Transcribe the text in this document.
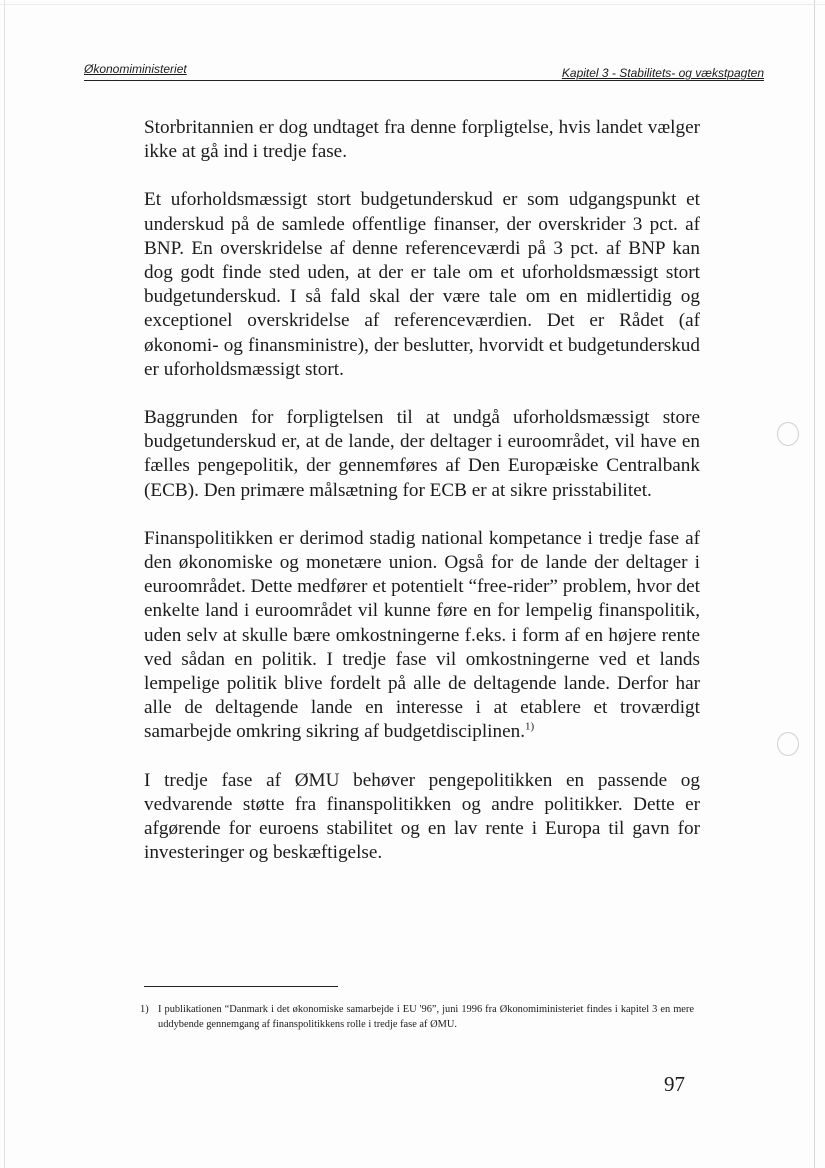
Økonomiministeriet	Kapitel 3 - Stabilitets- og vækstpagten

Storbritannien er dog undtaget fra denne forpligtelse, hvis landet vælger ikke at gå ind i tredje fase.

Et uforholdsmæssigt stort budgetunderskud er som udgangspunkt et underskud på de samlede offentlige finanser, der overskrider 3 pct. af BNP. En overskridelse af denne referenceværdi på 3 pct. af BNP kan dog godt finde sted uden, at der er tale om et uforholdsmæssigt stort budgetunderskud. I så fald skal der være tale om en midlertidig og exceptionel overskridelse af referenceværdien. Det er Rådet (af økonomi- og finansministre), der beslutter, hvorvidt et budgetunderskud er uforholdsmæssigt stort.

Baggrunden for forpligtelsen til at undgå uforholdsmæssigt store budgetunderskud er, at de lande, der deltager i euroområdet, vil have en fælles pengepolitik, der gennemføres af Den Europæiske Centralbank (ECB). Den primære målsætning for ECB er at sikre prisstabilitet.

Finanspolitikken er derimod stadig national kompetance i tredje fase af den økonomiske og monetære union. Også for de lande der deltager i euroområdet. Dette medfører et potentielt “free-rider” problem, hvor det enkelte land i euroområdet vil kunne føre en for lempelig finanspolitik, uden selv at skulle bære omkostningerne f.eks. i form af en højere rente ved sådan en politik. I tredje fase vil omkostningerne ved et lands lempelige politik blive fordelt på alle de deltagende lande. Derfor har alle de deltagende lande en interesse i at etablere et troværdigt samarbejde omkring sikring af budgetdisciplinen.$^{1)}$

I tredje fase af ØMU behøver pengepolitikken en passende og vedvarende støtte fra finanspolitikken og andre politikker. Dette er afgørende for euroens stabilitet og en lav rente i Europa til gavn for investeringer og beskæftigelse.

1) I publikationen “Danmark i det økonomiske samarbejde i EU '96”, juni 1996 fra Økonomiministeriet findes i kapitel 3 en mere uddybende gennemgang af finanspolitikkens rolle i tredje fase af ØMU.
97
